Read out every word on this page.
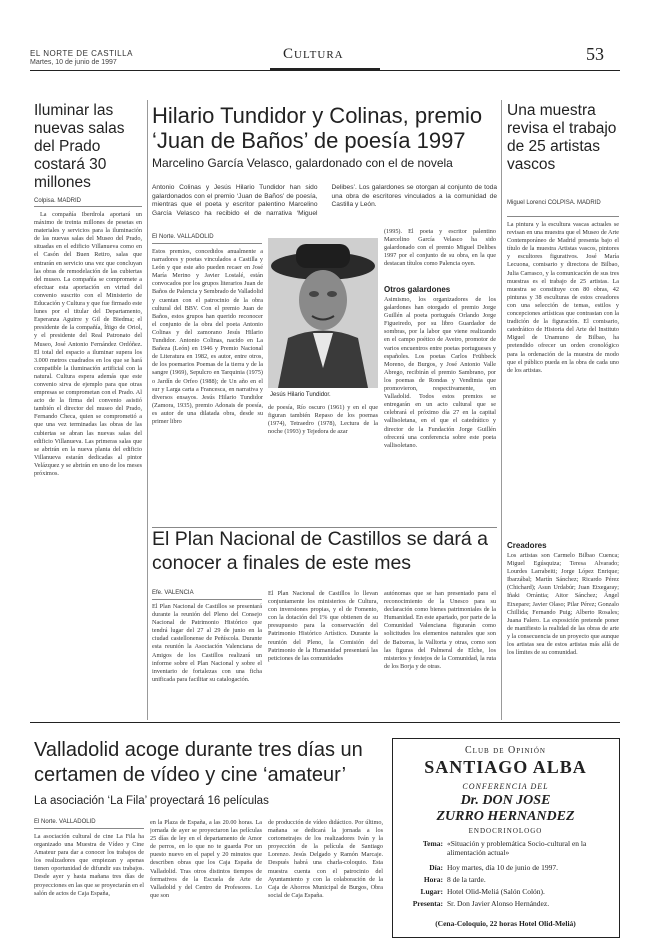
EL NORTE DE CASTILLA
Martes, 10 de junio de 1997
Cultura	53
Iluminar las nuevas salas del Prado costará 30 millones
Colpisa. MADRID
La compañía Iberdrola aportará un máximo de treinta millones de pesetas en materiales y servicios para la iluminación de las nuevas salas del Museo del Prado, situadas en el edificio Villanueva como en el Casón del Buen Retiro, salas que entrarán en servicio una vez que concluyan las obras de remodelación de las cubiertas del museo. La compañía se compromete a efectuar esta aportación en virtud del convenio suscrito con el Ministerio de Educación y Cultura y que fue firmado este lunes por el titular del Departamento, Esperanza Aguirre y Gil de Biedma; el presidente de la compañía, Íñigo de Oriol, y el presidente del Real Patronato del Museo, José Antonio Fernández Ordóñez. El total del espacio a iluminar supera los 3.000 metros cuadrados en los que se hará compatible la iluminación artificial con la natural. Cultura espera además que este convenio sirva de ejemplo para que otras empresas se comprometan con el Prado. Al acto de la firma del convenio asistió también el director del museo del Prado, Fernando Checa, quien se comprometió a que una vez terminadas las obras de las cubiertas se abran las nuevas salas del edificio Villanueva. Las primeras salas que se abrirán en la nueva planta del edificio Villanueva estarán dedicadas al pintor Velázquez y se abrirán en uno de los meses próximos.
Hilario Tundidor y Colinas, premio ‘Juan de Baños’ de poesía 1997
Marcelino García Velasco, galardonado con el de novela
Antonio Colinas y Jesús Hilario Tundidor han sido galardonados con el premio ‘Juan de Baños’ de poesía, mientras que el poeta y escritor palentino Marcelino García Velasco ha recibido el de narrativa ‘Miguel Delibes’. Los galardones se otorgan al conjunto de toda una obra de escritores vinculados a la comunidad de Castilla y León.
El Norte. VALLADOLID
Estos premios, concedidos anualmente a narradores y poetas vinculados a Castilla y León y que este año pueden recaer en José María Merino y Javier Lostalé, están convocados por los grupos literarios Juan de Baños de Palencia y Sembrado de Valladolid y cuentan con el patrocinio de la obra cultural del BBV. Con el premio Juan de Baños, estos grupos han querido reconocer el conjunto de la obra del poeta Antonio Colinas y del zamorano Jesús Hilario Tundidor. Antonio Colinas, nacido en La Bañeza (León) en 1946 y Premio Nacional de Literatura en 1982, es autor, entre otros, de los poemarios Poemas de la tierra y de la sangre (1969), Sepulcro en Tarquinia (1975) o Jardín de Orfeo (1988); de Un año en el sur y Larga carta a Francesca, en narrativa y diversos ensayos. Jesús Hilario Tundidor (Zamora, 1935), premio Adonais de poesía, es autor de una dilatada obra, desde su primer libro
Jesús Hilario Tundidor.
de poesía, Río oscuro (1961) y en el que figuran también Repaso de los poemas (1974), Tetraedro (1978), Lectura de la noche (1993) y Tejedora de azar
(1995). El poeta y escritor palentino Marcelino García Velasco ha sido galardonado con el premio Miguel Delibes 1997 por el conjunto de su obra, en la que destacan títulos como Palencia oyen.
Otros galardones
Asimismo, los organizadores de los galardones han otorgado el premio Jorge Guillén al poeta portugués Orlando Jorge Figueiredo, por su libro Guardador de sombras, por la labor que viene realizando en el campo poético de Aveiro, promotor de varios encuentros entre poetas portugueses y españoles. Los poetas Carlos Frühbeck Moreno, de Burgos, y José Antonio Valle Abrego, recibirán el premio Sambrano, por los poemas de Rondas y Vendimia que promovieron, respectivamente, en Valladolid. Todos estos premios se entregarán en un acto cultural que se celebrará el próximo día 27 en la capital vallisoletana, en el que el catedrático y director de la Fundación Jorge Guillén ofrecerá una conferencia sobre este poeta vallisoletano.
El Plan Nacional de Castillos se dará a conocer a finales de este mes
Efe. VALENCIA
El Plan Nacional de Castillos se presentará durante la reunión del Pleno del Consejo Nacional de Patrimonio Histórico que tendrá lugar del 27 al 29 de junio en la ciudad castellonense de Peñíscola. Durante esta reunión la Asociación Valenciana de Amigos de los Castillos realizará un informe sobre el Plan Nacional y sobre el inventario de fortalezas con una ficha unificada para facilitar su catalogación.
El Plan Nacional de Castillos lo llevan conjuntamente los ministerios de Cultura, con inversiones propias, y el de Fomento, con la dotación del 1% que obtienen de su presupuesto para la conservación del Patrimonio Histórico Artístico. Durante la reunión del Pleno, la Comisión del Patrimonio de la Humanidad presentará las peticiones de las comunidades
autónomas que se han presentado para el reconocimiento de la Unesco para su declaración como bienes patrimoniales de la Humanidad. En este apartado, por parte de la Comunidad Valenciana figurarán como solicitudes los elementos naturales que son de Baixeras, la Valltorta y otras, como son las figuras del Palmeral de Elche, los misterios y festejos de la Comunidad, la ruta de los Borja y de otras.
Una muestra revisa el trabajo de 25 artistas vascos
Miguel Lorenci COLPISA. MADRID
La pintura y la escultura vascas actuales se revisan en una muestra que el Museo de Arte Contemporáneo de Madrid presenta bajo el título de la muestra Artistas vascos, pintores y escultores figurativos. José María Lecuona, comisario y directora de Bilbao, Julia Carrasco, y la comunicación de sus tres muestras es el trabajo de 25 artistas. La muestra se constituye con 80 obras, 42 pinturas y 38 esculturas de estos creadores con una selección de temas, estilos y concepciones artísticas que contrastan con la tradición de la figuración. El comisario, catedrático de Historia del Arte del Instituto Miguel de Unamuno de Bilbao, ha pretendido ofrecer un orden cronológico para la ordenación de la muestra de modo que el público pueda en la obra de cada uno de los artistas.
Creadores
Los artistas son Carmelo Bilbao Cuenca; Miguel Egúsquiza; Teresa Alvarado; Lourdes Larrabeiti; Jorge López Enrique; Ibarzábal; Martín Sánchez; Ricardo Pérez (Chichard); Asun Urdabúr; Juan Etxegaray; Iñaki Orrántia; Aitor Sánchez; Ángel Etxepare; Javier Olaso; Pilar Pérez; Gonzalo Chillida; Fernando Puig; Alberto Rosales; Juana Falero. La exposición pretende poner de manifiesto la realidad de las obras de arte y la consecuencia de un proyecto que aunque los artistas sea de estos artistas más allá de los límites de su comunidad.
Valladolid acoge durante tres días un certamen de vídeo y cine ‘amateur’
La asociación ‘La Fila’ proyectará 16 películas
El Norte. VALLADOLID
La asociación cultural de cine La Fila ha organizado una Muestra de Vídeo y Cine Amateur para dar a conocer los trabajos de los realizadores que empiezan y apenas tienen oportunidad de difundir sus trabajos. Desde ayer y hasta mañana tres días de proyecciones en las que se proyectarán en el salón de actos de Caja España,
en la Plaza de España, a las 20.00 horas. La jornada de ayer se proyectaron las películas 25 días de ley en el departamento de Amor de perros, en lo que no te guarda Por un puesto nuevo en el papel y 20 minutos que describen obras que los Caja España de Valladolid. Tras otros distintos tiempos de formativos de la Escuela de Arte de Valladolid y del Centro de Profesores. Lo que son
de producción de vídeo didáctico. Por último, mañana se dedicará la jornada a los cortometrajes de los realizadores Iván y la proyección de la película de Santiago Lorenzo. Jesús Delgado y Ramón Marcaje. Después habrá una charla-coloquio. Esta muestra cuenta con el patrocinio del Ayuntamiento y con la colaboración de la Caja de Ahorros Municipal de Burgos, Obra social de Caja España.
Club de Opinión
SANTIAGO ALBA
CONFERENCIA DEL
Dr. DON JOSE
ZURRO HERNANDEZ
ENDOCRINOLOGO
Tema: «Situación y problemática Socio-cultural en la alimentación actual»
Día: Hoy martes, día 10 de junio de 1997.
Hora: 8 de la tarde.
Lugar: Hotel Olid-Meliá (Salón Colón).
Presenta: Sr. Don Javier Alonso Hernández.
(Cena-Coloquio, 22 horas Hotel Olid-Meliá)
